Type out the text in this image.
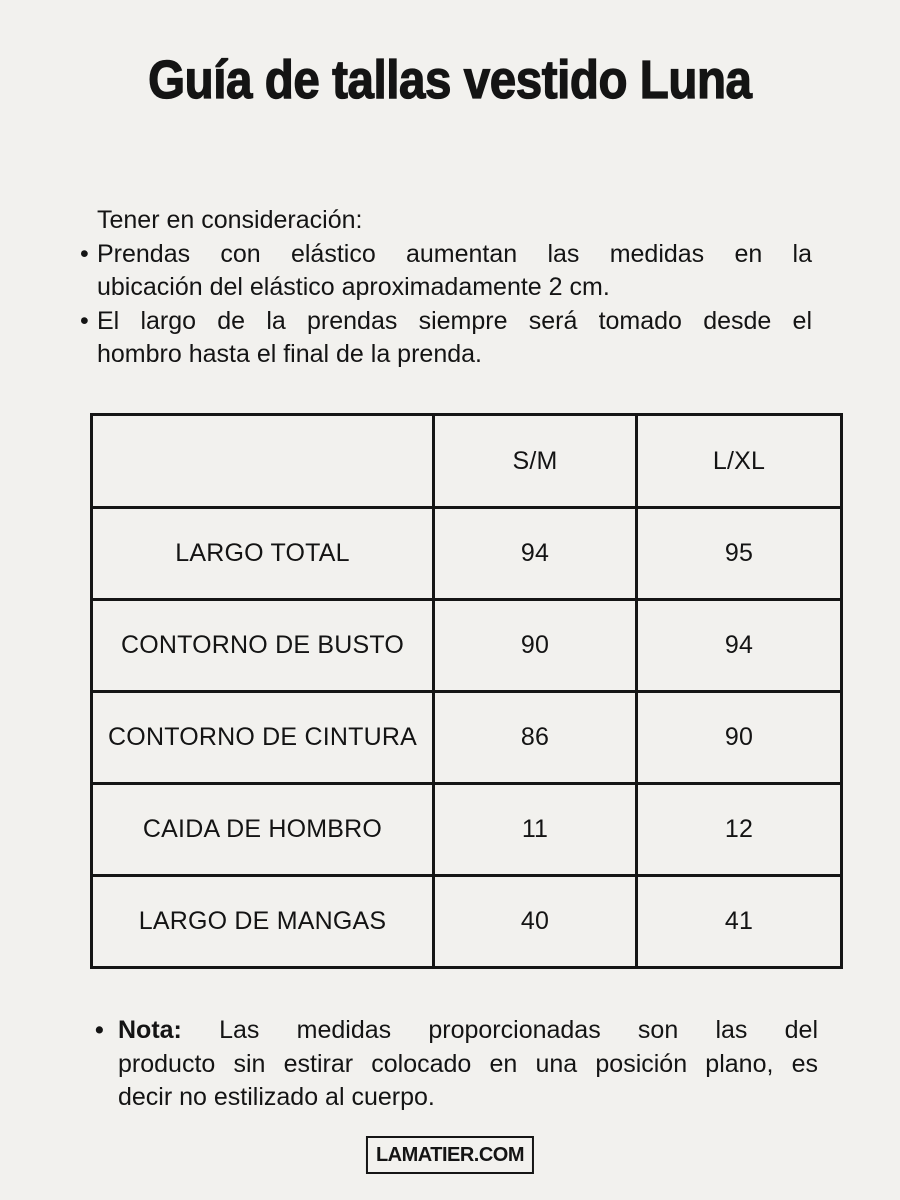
Guía de tallas vestido Luna
Tener en consideración:
• Prendas con elástico aumentan las medidas en la
ubicación del elástico aproximadamente 2 cm.
• El largo de la prendas siempre será tomado desde el
hombro hasta el final de la prenda.
	S/M	L/XL
LARGO TOTAL	94	95
CONTORNO DE BUSTO	90	94
CONTORNO DE CINTURA	86	90
CAIDA DE HOMBRO	11	12
LARGO DE MANGAS	40	41
• Nota: Las medidas proporcionadas son las del
producto sin estirar colocado en una posición plano, es
decir no estilizado al cuerpo.
LAMATIER.COM
